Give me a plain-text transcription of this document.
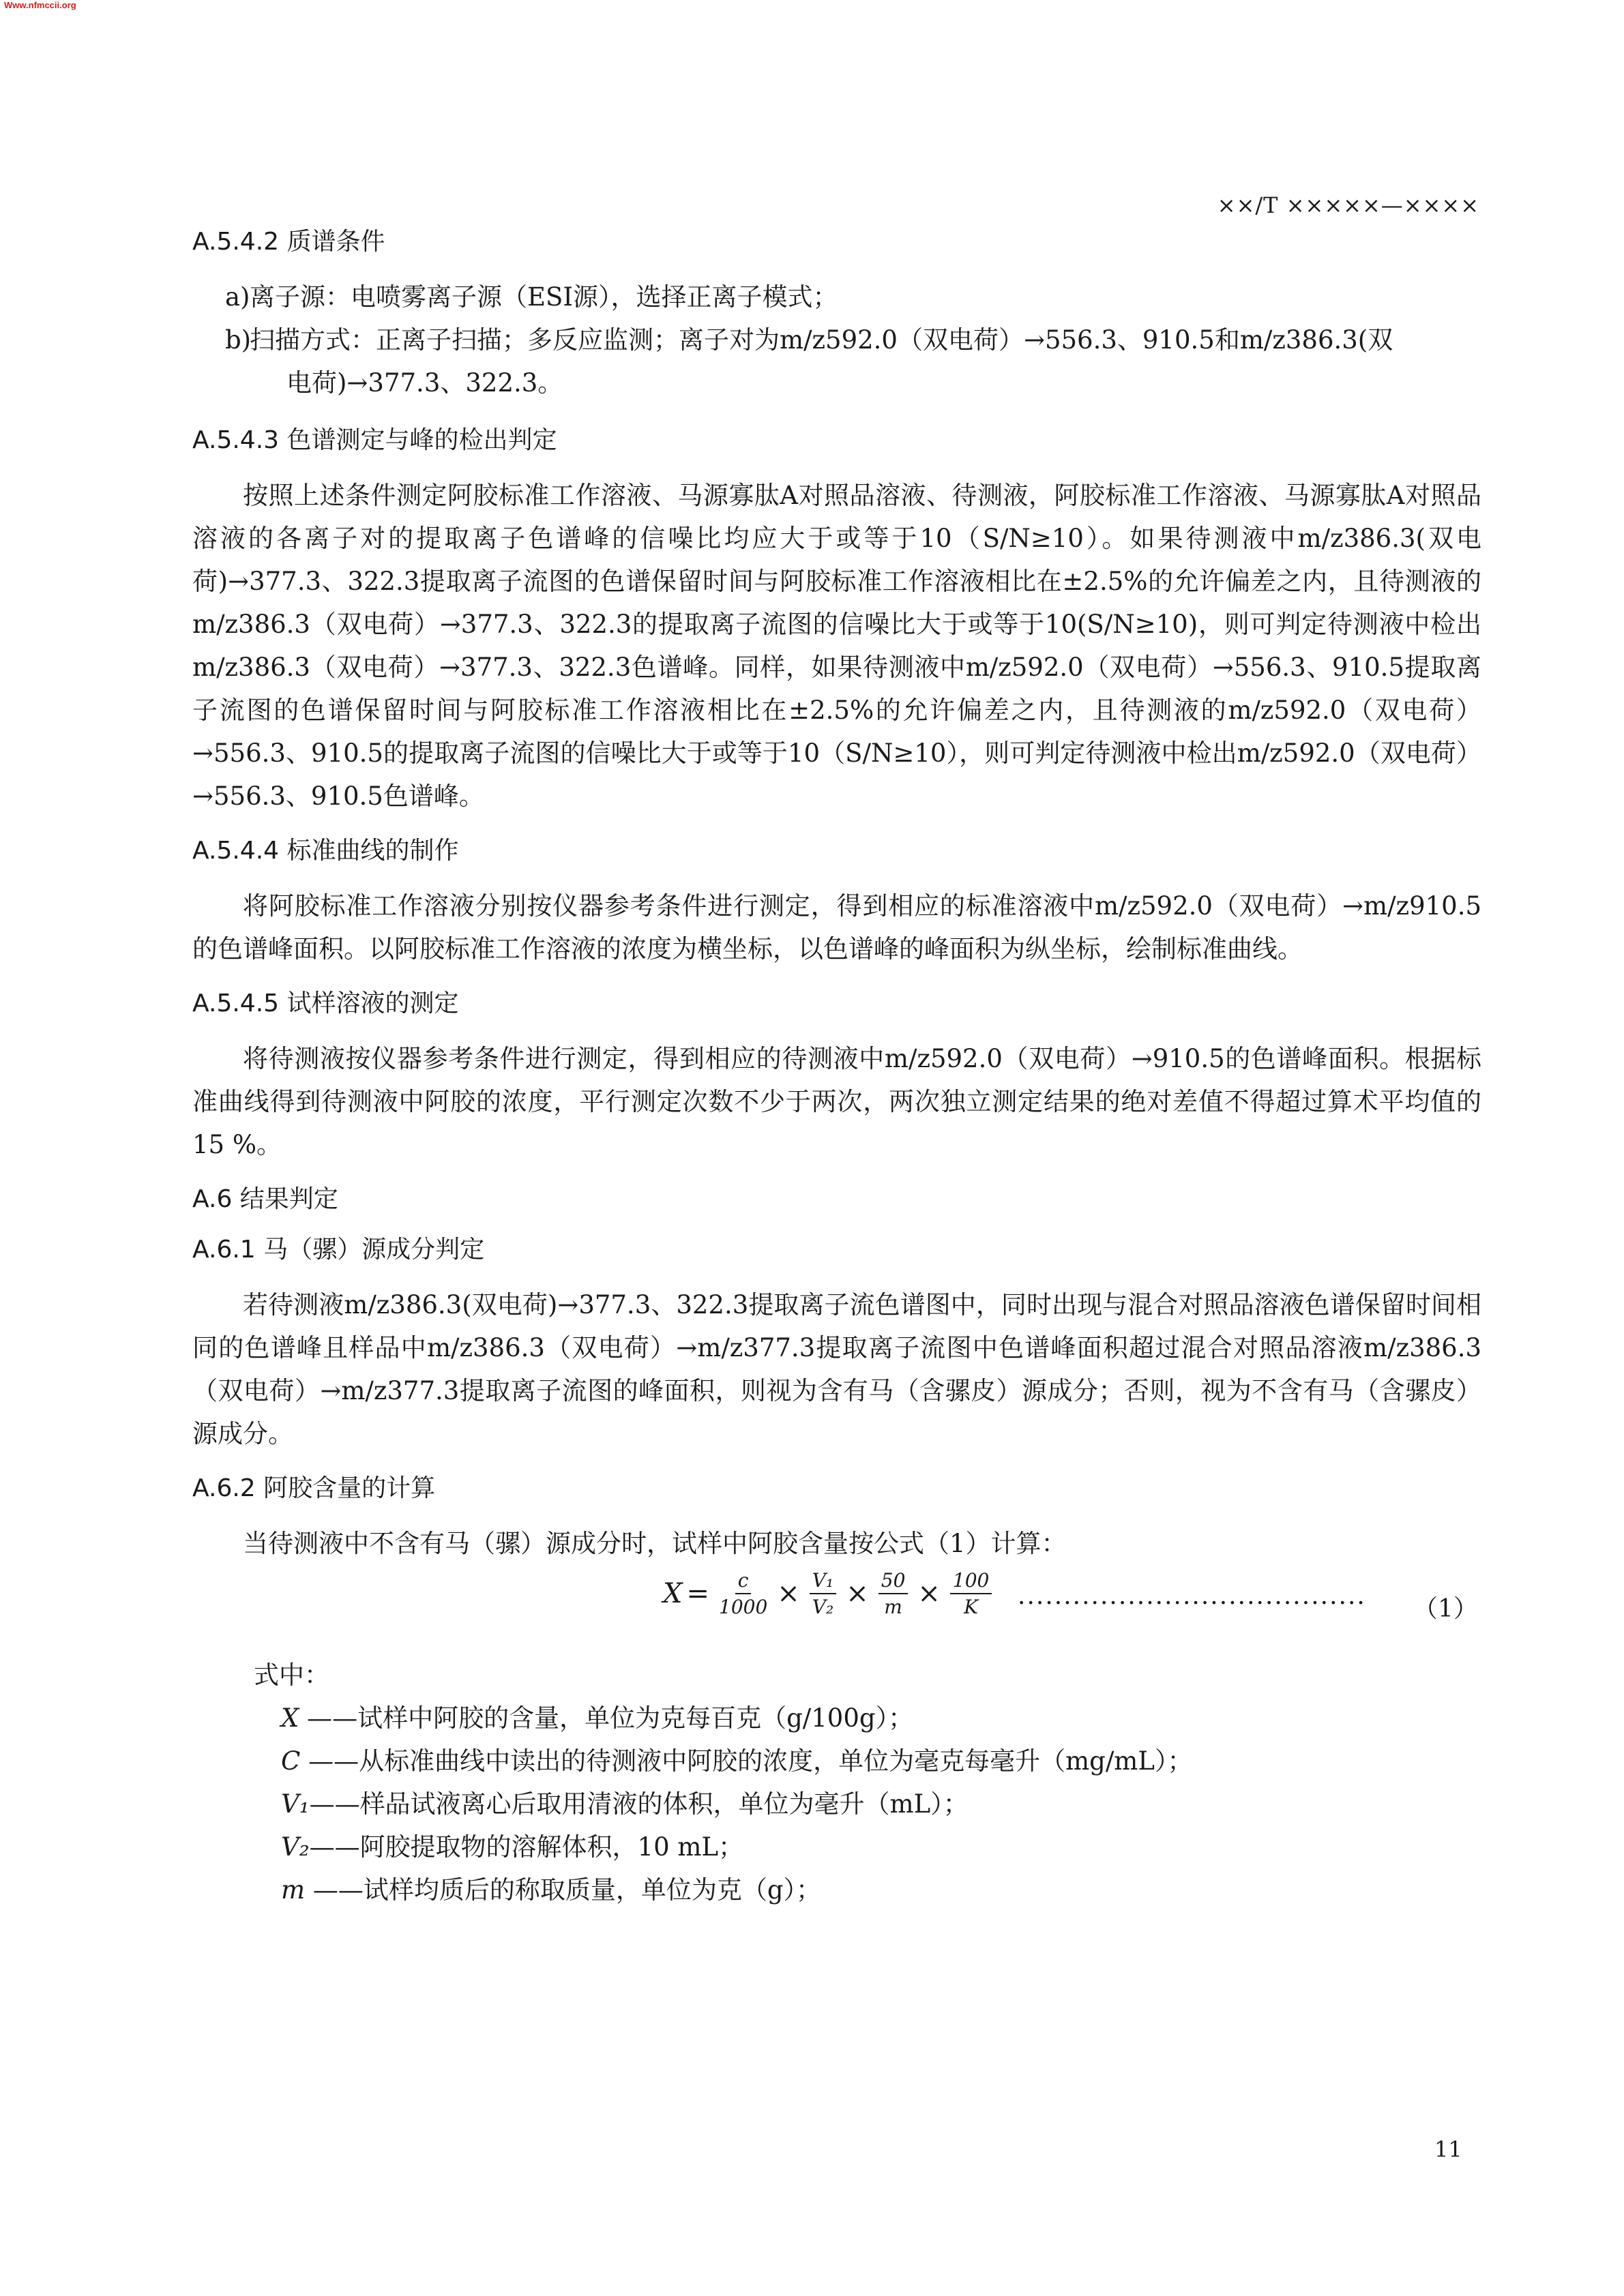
Www.nfmccii.org
××/T ×××××—××××
A.5.4.2 质谱条件
a) 离子源：电喷雾离子源（ESI源），选择正离子模式；
b)
扫描方式：正离子扫描；多反应监测；离子对为m/z592.0（双电荷）→556.3、910.5和m/z386.3(双
电荷)→377.3、322.3。
A.5.4.3 色谱测定与峰的检出判定

按照上述条件测定阿胶标准工作溶液、马源寡肽A对照品溶液、待测液，阿胶标准工作溶液、马源寡肽A对照品溶液的各离子对的提取离子色谱峰的信噪比均应大于或等于10（S/N≥10）。如果待测液中m/z386.3(双电荷)→377.3、322.3提取离子流图的色谱保留时间与阿胶标准工作溶液相比在±2.5%的允许偏差之内，且待测液的m/z386.3（双电荷）→377.3、322.3的提取离子流图的信噪比大于或等于10(S/N≥10)，则可判定待测液中检出m/z386.3（双电荷）→377.3、322.3色谱峰。同样，如果待测液中m/z592.0（双电荷）→556.3、910.5提取离子流图的色谱保留时间与阿胶标准工作溶液相比在±2.5%的允许偏差之内，且待测液的m/z592.0（双电荷）→556.3、910.5的提取离子流图的信噪比大于或等于10（S/N≥10），则可判定待测液中检出m/z592.0（双电荷）→556.3、910.5色谱峰。

A.5.4.4 标准曲线的制作

将阿胶标准工作溶液分别按仪器参考条件进行测定，得到相应的标准溶液中m/z592.0（双电荷）→m/z910.5的色谱峰面积。以阿胶标准工作溶液的浓度为横坐标，以色谱峰的峰面积为纵坐标，绘制标准曲线。

A.5.4.5 试样溶液的测定

将待测液按仪器参考条件进行测定，得到相应的待测液中m/z592.0（双电荷）→910.5的色谱峰面积。根据标准曲线得到待测液中阿胶的浓度，平行测定次数不少于两次，两次独立测定结果的绝对差值不得超过算术平均值的15 %。

A.6 结果判定
A.6.1 马（骡）源成分判定

若待测液m/z386.3(双电荷)→377.3、322.3提取离子流色谱图中，同时出现与混合对照品溶液色谱保留时间相同的色谱峰且样品中m/z386.3（双电荷）→m/z377.3提取离子流图中色谱峰面积超过混合对照品溶液m/z386.3（双电荷）→m/z377.3提取离子流图的峰面积，则视为含有马（含骡皮）源成分；否则，视为不含有马（含骡皮）源成分。

A.6.2 阿胶含量的计算

当待测液中不含有马（骡）源成分时，试样中阿胶含量按公式（1）计算：

$X = \frac{c}{1000} \times \frac{\text{V₁}}{\text{V₂}} \times \frac{50}{m} \times \frac{100}{K}$ ······································ （1）

式中：

X ——试样中阿胶的含量，单位为克每百克（g/100g）；

C ——从标准曲线中读出的待测液中阿胶的浓度，单位为毫克每毫升（mg/mL）；

V₁——样品试液离心后取用清液的体积，单位为毫升（mL）；

V₂——阿胶提取物的溶解体积，10 mL；

m ——试样均质后的称取质量，单位为克（g）；

11
